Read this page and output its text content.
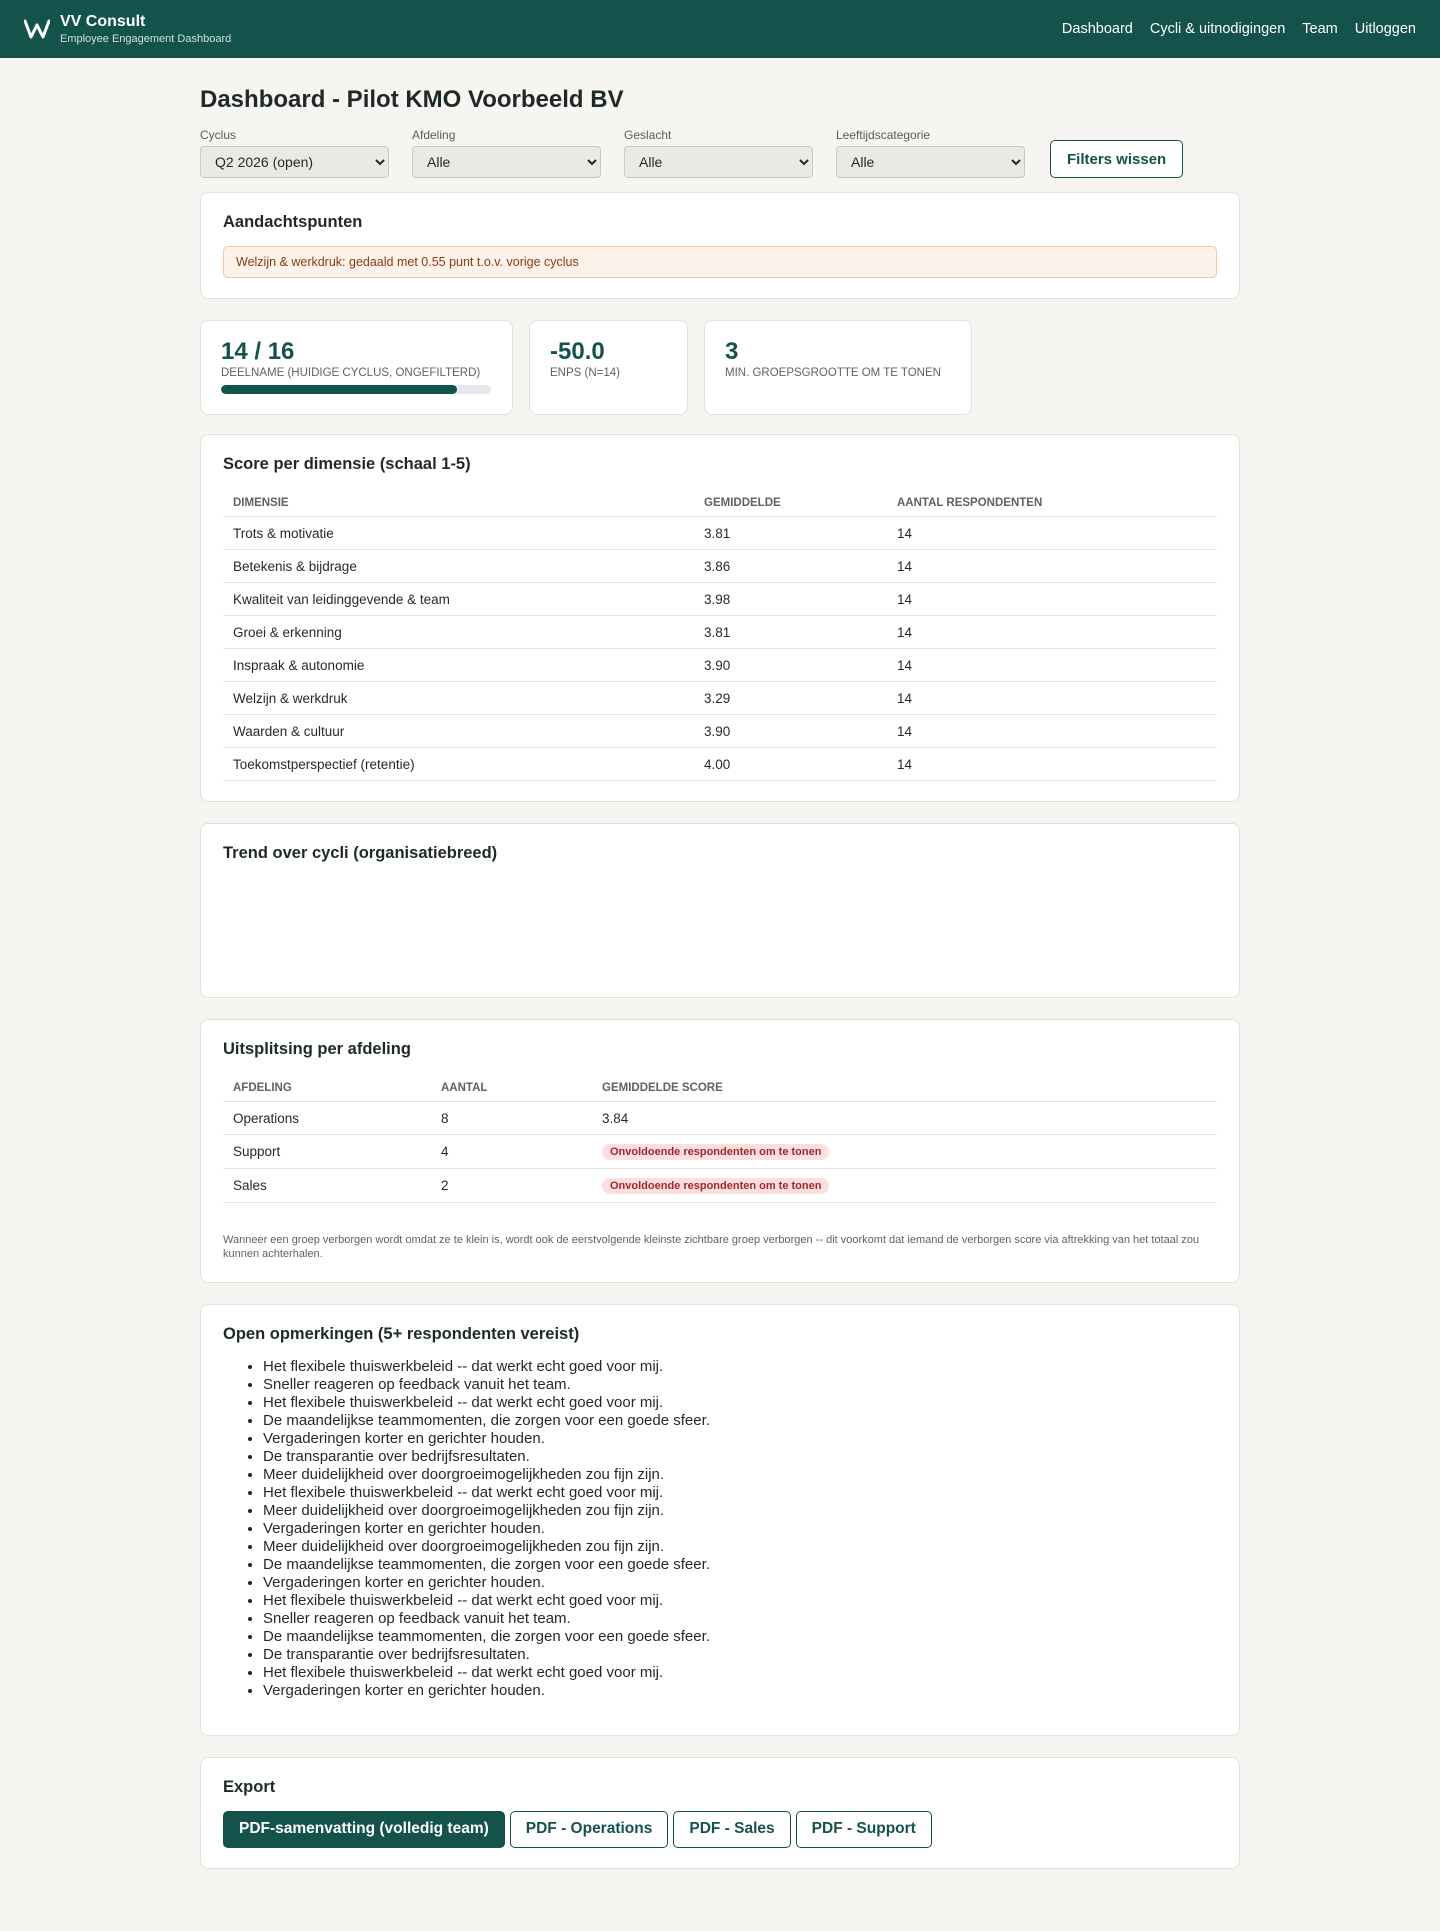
VV Consult
Employee Engagement Dashboard
Dashboard Cycli & uitnodigingen Team Uitloggen
Dashboard - Pilot KMO Voorbeeld BV
Cyclus
Q2 2026 (open)	Afdeling
Alle	Geslacht
Alle	Leeftijdscategorie
Alle
Filters wissen
Aandachtspunten
Welzijn & werkdruk: gedaald met 0.55 punt t.o.v. vorige cyclus
14 / 16
DEELNAME (HUIDIGE CYCLUS, ONGEFILTERD)
-50.0
ENPS (N=14)
3
MIN. GROEPSGROOTTE OM TE TONEN
Score per dimensie (schaal 1-5)
DIMENSIE	GEMIDDELDE	AANTAL RESPONDENTEN
Trots & motivatie	3.81	14
Betekenis & bijdrage	3.86	14
Kwaliteit van leidinggevende & team	3.98	14
Groei & erkenning	3.81	14
Inspraak & autonomie	3.90	14
Welzijn & werkdruk	3.29	14
Waarden & cultuur	3.90	14
Toekomstperspectief (retentie)	4.00	14
Trend over cycli (organisatiebreed)
Uitsplitsing per afdeling
AFDELING	AANTAL	GEMIDDELDE SCORE
Operations	8	3.84
Support	4	Onvoldoende respondenten om te tonen
Sales	2	Onvoldoende respondenten om te tonen

Wanneer een groep verborgen wordt omdat ze te klein is, wordt ook de eerstvolgende kleinste zichtbare groep verborgen -- dit voorkomt dat iemand de verborgen score via aftrekking van het totaal zou kunnen achterhalen.

Open opmerkingen (5+ respondenten vereist)
• Het flexibele thuiswerkbeleid -- dat werkt echt goed voor mij.
• Sneller reageren op feedback vanuit het team.
• Het flexibele thuiswerkbeleid -- dat werkt echt goed voor mij.
• De maandelijkse teammomenten, die zorgen voor een goede sfeer.
• Vergaderingen korter en gerichter houden.
• De transparantie over bedrijfsresultaten.
• Meer duidelijkheid over doorgroeimogelijkheden zou fijn zijn.
• Het flexibele thuiswerkbeleid -- dat werkt echt goed voor mij.
• Meer duidelijkheid over doorgroeimogelijkheden zou fijn zijn.
• Vergaderingen korter en gerichter houden.
• Meer duidelijkheid over doorgroeimogelijkheden zou fijn zijn.
• De maandelijkse teammomenten, die zorgen voor een goede sfeer.
• Vergaderingen korter en gerichter houden.
• Het flexibele thuiswerkbeleid -- dat werkt echt goed voor mij.
• Sneller reageren op feedback vanuit het team.
• De maandelijkse teammomenten, die zorgen voor een goede sfeer.
• De transparantie over bedrijfsresultaten.
• Het flexibele thuiswerkbeleid -- dat werkt echt goed voor mij.
• Vergaderingen korter en gerichter houden.
Export
PDF-samenvatting (volledig team)	PDF - Operations	PDF - Sales	PDF - Support
